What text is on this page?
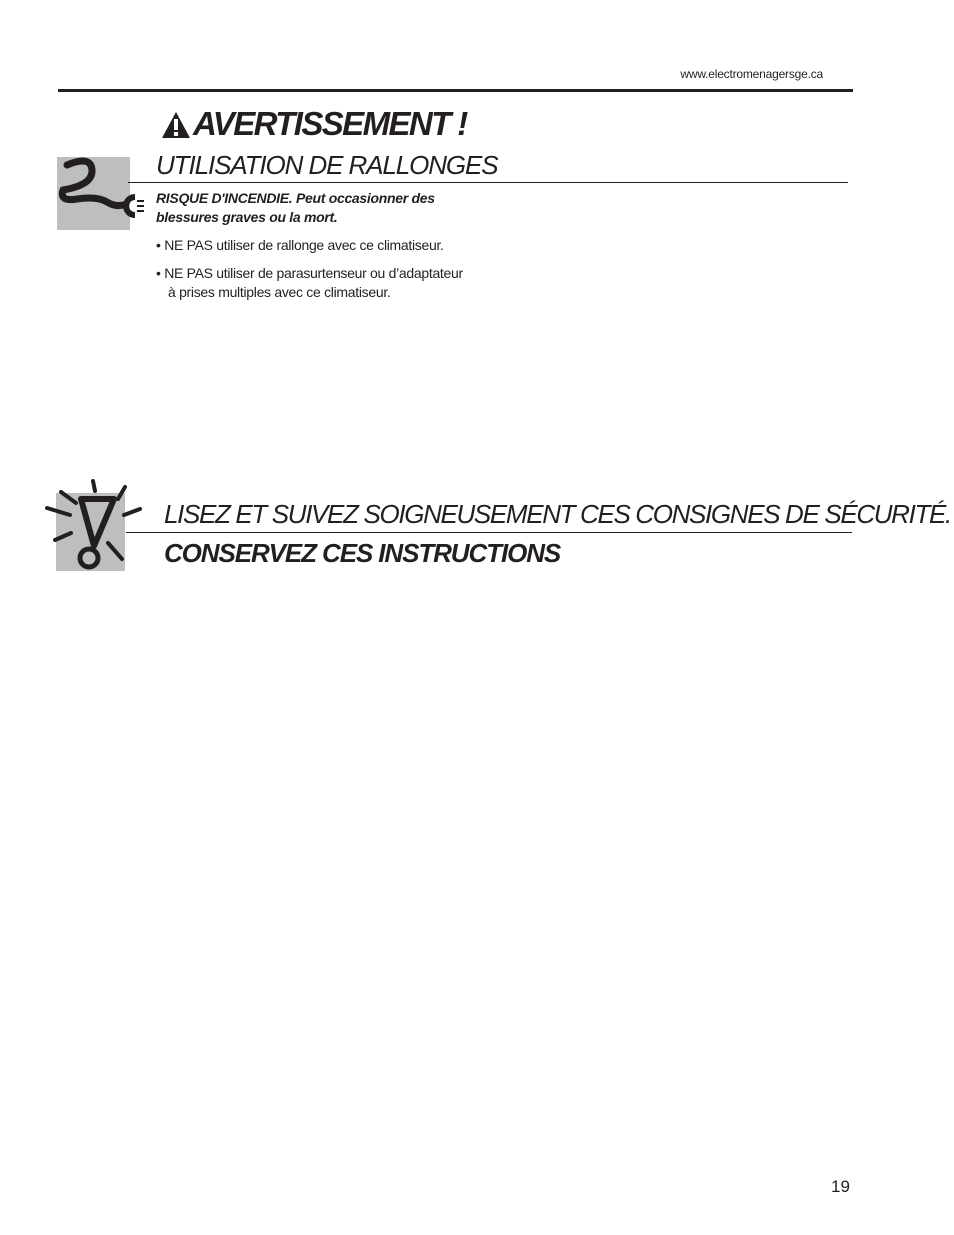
www.electromenagersge.ca
AVERTISSEMENT !
UTILISATION DE RALLONGES
RISQUE D'INCENDIE. Peut occasionner des blessures graves ou la mort.
• NE PAS utiliser de rallonge avec ce climatiseur.
• NE PAS utiliser de parasurtenseur ou d’adaptateur à prises multiples avec ce climatiseur.
LISEZ ET SUIVEZ SOIGNEUSEMENT CES CONSIGNES DE SÉCURITÉ.
CONSERVEZ CES INSTRUCTIONS
19
